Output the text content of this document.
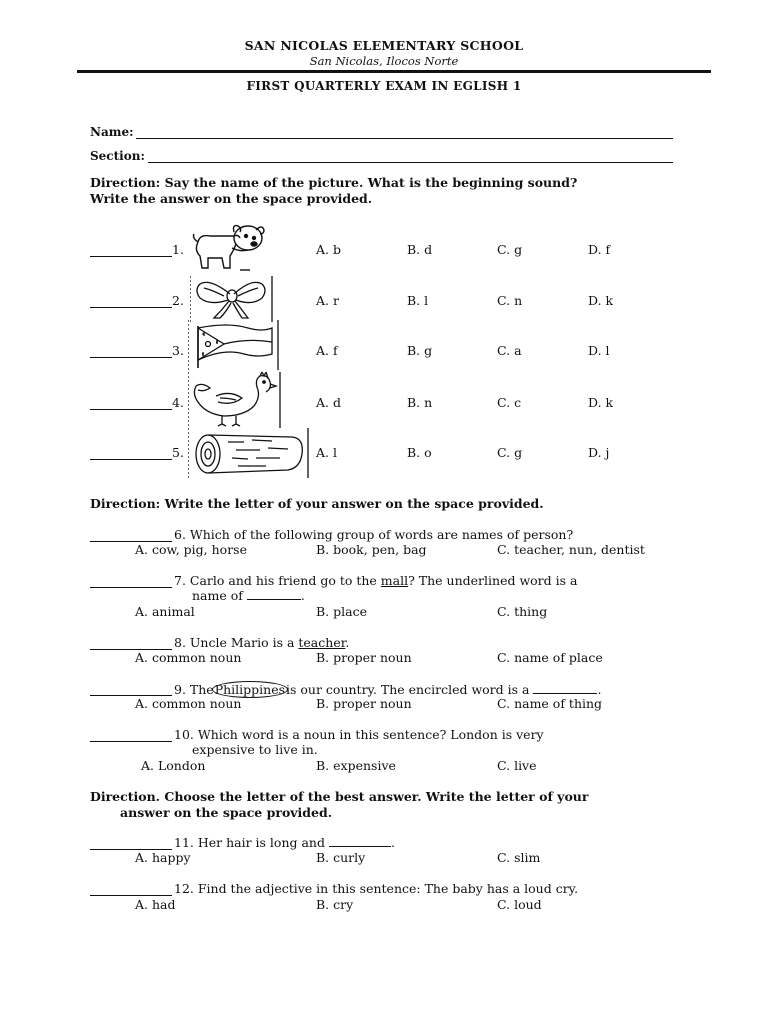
SAN NICOLAS ELEMENTARY SCHOOL
San Nicolas, Ilocos Norte
FIRST QUARTERLY EXAM IN EGLISH 1
Name:
Section:
Direction: Say the name of the picture. What is the beginning sound?
Write the answer on the space provided.
1.	A. b	B. d	C. g	D. f
2.	A. r	B. l	C. n	D. k
3.	A. f	B. g	C. a	D. l
4.	A. d	B. n	C. c	D. k
5.	A. l	B. o	C. g	D. j
Direction: Write the letter of your answer on the space provided.
6. Which of the following group of words are names of person?
A. cow, pig, horse	B. book, pen, bag	C. teacher, nun, dentist
7. Carlo and his friend go to the mall? The underlined word is a
name of	.
A. animal	B. place	C. thing
8. Uncle Mario is a teacher.
A. common noun	B. proper noun	C. name of place
9. ThePhilippinesis our country. The encircled word is a	.
A. common noun	B. proper noun	C. name of thing
10. Which word is a noun in this sentence? London is very
expensive to live in.
A. London	B. expensive	C. live
Direction. Choose the letter of the best answer. Write the letter of your
answer on the space provided.
11. Her hair is long and	.
A. happy	B. curly	C. slim
12. Find the adjective in this sentence: The baby has a loud cry.
A. had	B. cry	C. loud
